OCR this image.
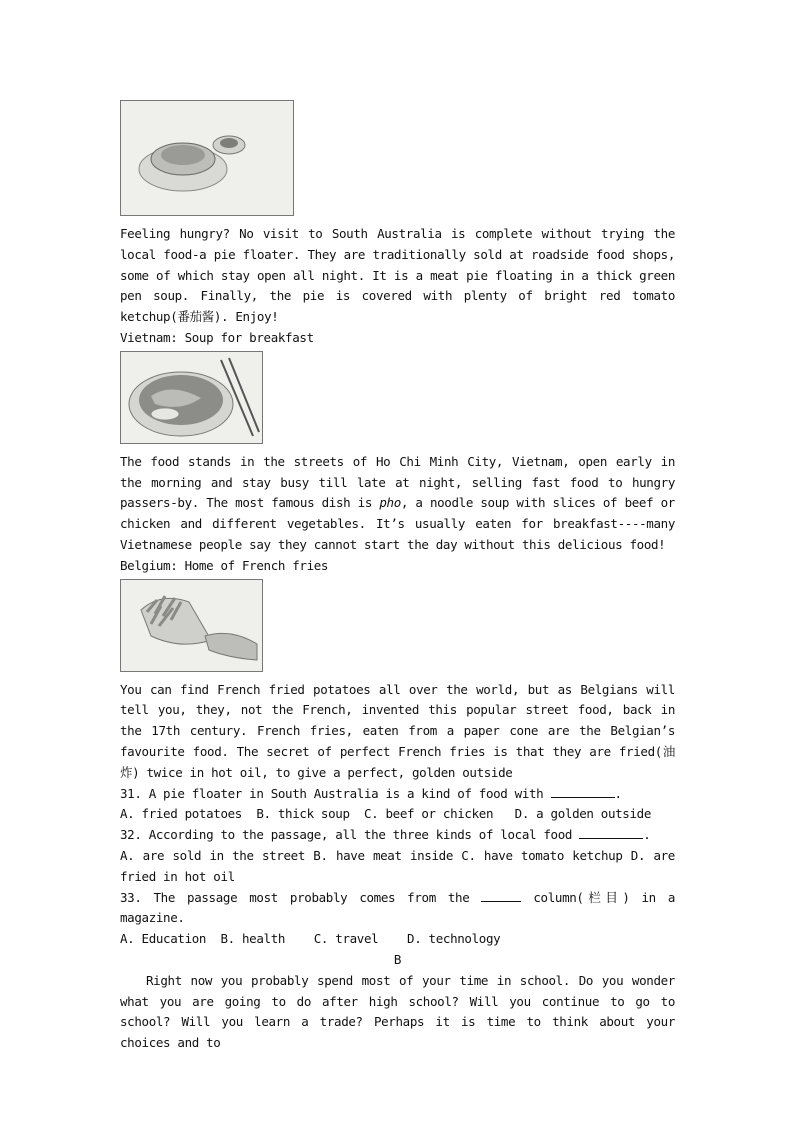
Feeling hungry? No visit to South Australia is complete without trying the local food-a pie floater. They are traditionally sold at roadside food shops, some of which stay open all night. It is a meat pie floating in a thick green pen soup. Finally, the pie is covered with plenty of bright red tomato ketchup(番茄酱). Enjoy!

Vietnam: Soup for breakfast

The food stands in the streets of Ho Chi Minh City, Vietnam, open early in the morning and stay busy till late at night, selling fast food to hungry passers-by. The most famous dish is pho, a noodle soup with slices of beef or chicken and different vegetables. It’s usually eaten for breakfast----many Vietnamese people say they cannot start the day without this delicious food!

Belgium: Home of French fries

You can find French fried potatoes all over the world, but as Belgians will tell you, they, not the French, invented this popular street food, back in the 17th century. French fries, eaten from a paper cone are the Belgian’s favourite food. The secret of perfect French fries is that they are fried(油炸) twice in hot oil, to give a perfect, golden outside

31. A pie floater in South Australia is a kind of food with	.

A. fried potatoes  B. thick soup  C. beef or chicken   D. a golden outside

32. According to the passage, all the three kinds of local food	.

A. are sold in the street B. have meat inside C. have tomato ketchup D. are fried in hot oil

33. The passage most probably comes from the	column(栏目) in a magazine.

A. Education  B. health    C. travel    D. technology

B

Right now you probably spend most of your time in school. Do you wonder what you are going to do after high school? Will you continue to go to school? Will you learn a trade? Perhaps it is time to think about your choices and to
